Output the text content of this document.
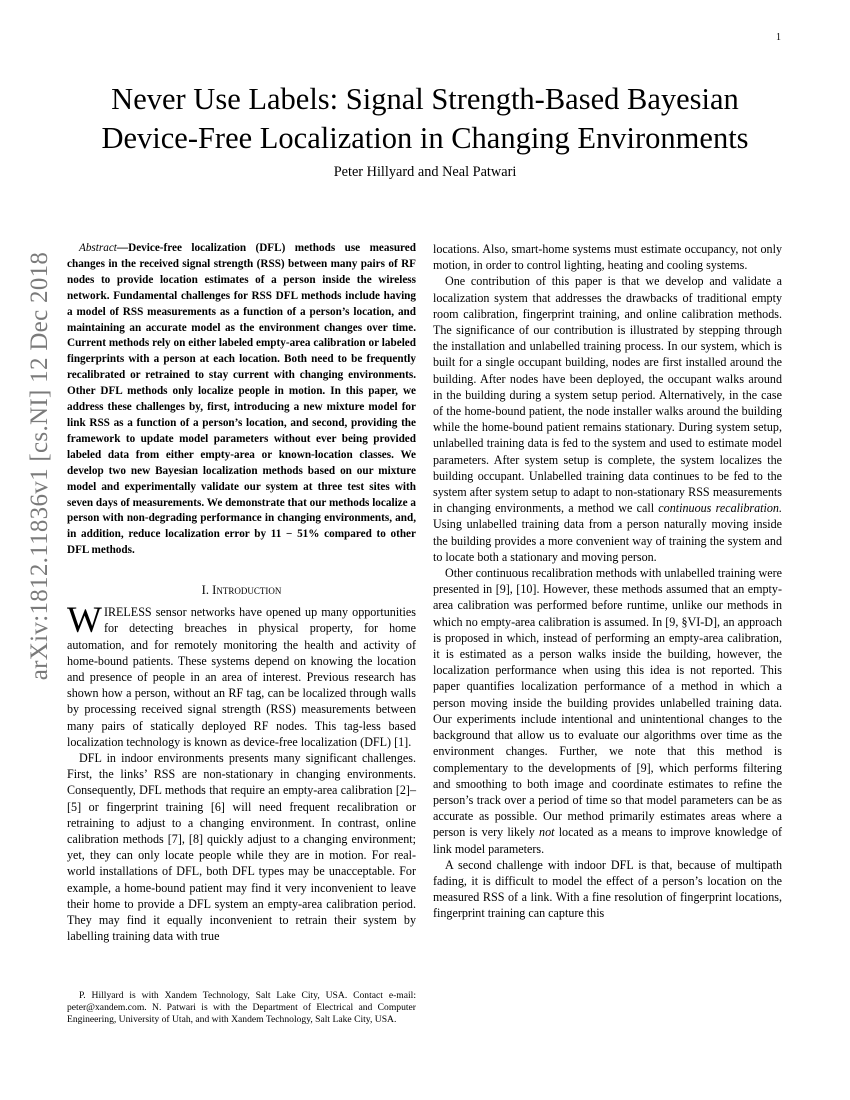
1
arXiv:1812.11836v1 [cs.NI] 12 Dec 2018
Never Use Labels: Signal Strength-Based Bayesian
Device-Free Localization in Changing Environments
Peter Hillyard and Neal Patwari

Abstract—Device-free localization (DFL) methods use measured changes in the received signal strength (RSS) between many pairs of RF nodes to provide location estimates of a person inside the wireless network. Fundamental challenges for RSS DFL methods include having a model of RSS measurements as a function of a person’s location, and maintaining an accurate model as the environment changes over time. Current methods rely on either labeled empty-area calibration or labeled fingerprints with a person at each location. Both need to be frequently recalibrated or retrained to stay current with changing environments. Other DFL methods only localize people in motion. In this paper, we address these challenges by, first, introducing a new mixture model for link RSS as a function of a person’s location, and second, providing the framework to update model parameters without ever being provided labeled data from either empty-area or known-location classes. We develop two new Bayesian localization methods based on our mixture model and experimentally validate our system at three test sites with seven days of measurements. We demonstrate that our methods localize a person with non-degrading performance in changing environments, and, in addition, reduce localization error by 11 − 51% compared to other DFL methods.

I. Introduction

WIRELESS sensor networks have opened up many opportunities for detecting breaches in physical property, for home automation, and for remotely monitoring the health and activity of home-bound patients. These systems depend on knowing the location and presence of people in an area of interest. Previous research has shown how a person, without an RF tag, can be localized through walls by processing received signal strength (RSS) measurements between many pairs of statically deployed RF nodes. This tag-less based localization technology is known as device-free localization (DFL) [1].

DFL in indoor environments presents many significant challenges. First, the links’ RSS are non-stationary in changing environments. Consequently, DFL methods that require an empty-area calibration [2]–[5] or fingerprint training [6] will need frequent recalibration or retraining to adjust to a changing environment. In contrast, online calibration methods [7], [8] quickly adjust to a changing environment; yet, they can only locate people while they are in motion. For real-world installations of DFL, both DFL types may be unacceptable. For example, a home-bound patient may find it very inconvenient to leave their home to provide a DFL system an empty-area calibration period. They may find it equally inconvenient to retrain their system by labelling training data with true

P. Hillyard is with Xandem Technology, Salt Lake City, USA. Contact e-mail: peter@xandem.com. N. Patwari is with the Department of Electrical and Computer Engineering, University of Utah, and with Xandem Technology, Salt Lake City, USA.

locations. Also, smart-home systems must estimate occupancy, not only motion, in order to control lighting, heating and cooling systems.

One contribution of this paper is that we develop and validate a localization system that addresses the drawbacks of traditional empty room calibration, fingerprint training, and online calibration methods. The significance of our contribution is illustrated by stepping through the installation and unlabelled training process. In our system, which is built for a single occupant building, nodes are first installed around the building. After nodes have been deployed, the occupant walks around in the building during a system setup period. Alternatively, in the case of the home-bound patient, the node installer walks around the building while the home-bound patient remains stationary. During system setup, unlabelled training data is fed to the system and used to estimate model parameters. After system setup is complete, the system localizes the building occupant. Unlabelled training data continues to be fed to the system after system setup to adapt to non-stationary RSS measurements in changing environments, a method we call continuous recalibration. Using unlabelled training data from a person naturally moving inside the building provides a more convenient way of training the system and to locate both a stationary and moving person.

Other continuous recalibration methods with unlabelled training were presented in [9], [10]. However, these methods assumed that an empty-area calibration was performed before runtime, unlike our methods in which no empty-area calibration is assumed. In [9, §VI-D], an approach is proposed in which, instead of performing an empty-area calibration, it is estimated as a person walks inside the building, however, the localization performance when using this idea is not reported. This paper quantifies localization performance of a method in which a person moving inside the building provides unlabelled training data. Our experiments include intentional and unintentional changes to the background that allow us to evaluate our algorithms over time as the environment changes. Further, we note that this method is complementary to the developments of [9], which performs filtering and smoothing to both image and coordinate estimates to refine the person’s track over a period of time so that model parameters can be as accurate as possible. Our method primarily estimates areas where a person is very likely not located as a means to improve knowledge of link model parameters.

A second challenge with indoor DFL is that, because of multipath fading, it is difficult to model the effect of a person’s location on the measured RSS of a link. With a fine resolution of fingerprint locations, fingerprint training can capture this
